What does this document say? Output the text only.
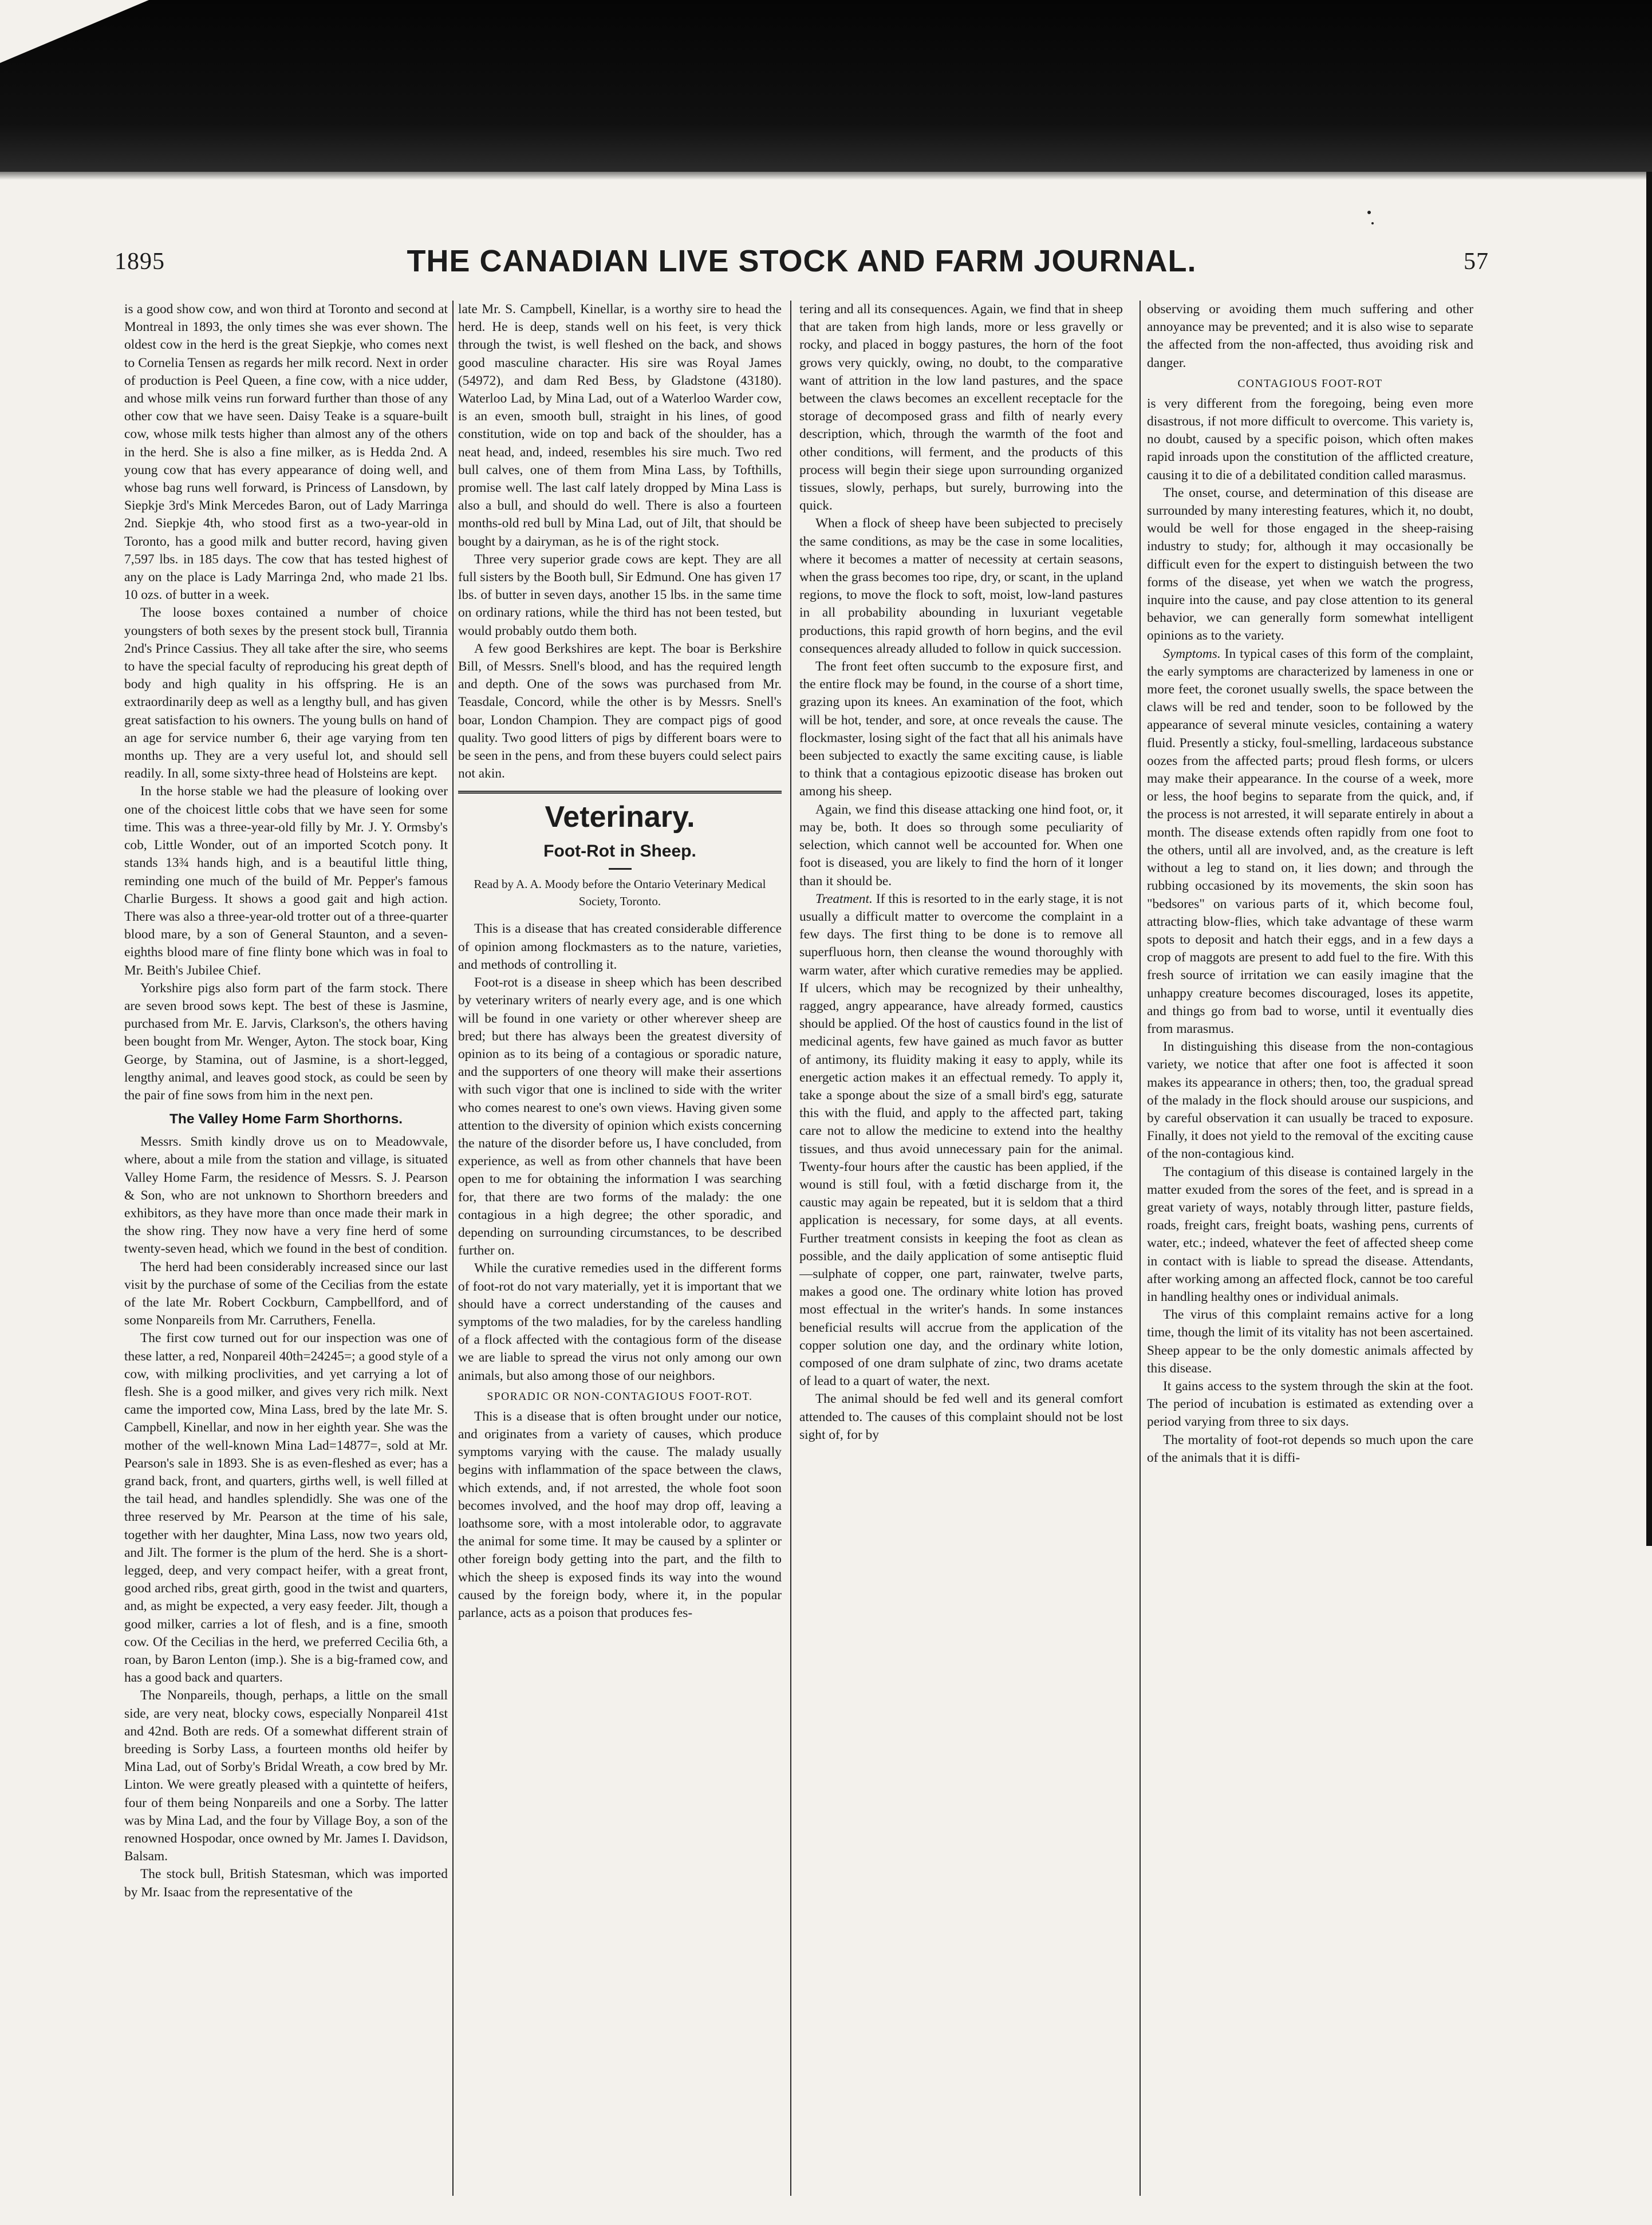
1895	THE CANADIAN LIVE STOCK AND FARM JOURNAL.	57

is a good show cow, and won third at Toronto and second at Montreal in 1893, the only times she was ever shown. The oldest cow in the herd is the great Siepkje, who comes next to Cornelia Tensen as regards her milk record. Next in order of production is Peel Queen, a fine cow, with a nice udder, and whose milk veins run forward further than those of any other cow that we have seen. Daisy Teake is a square-built cow, whose milk tests higher than almost any of the others in the herd. She is also a fine milker, as is Hedda 2nd. A young cow that has every appearance of doing well, and whose bag runs well forward, is Princess of Lansdown, by Siepkje 3rd's Mink Mercedes Baron, out of Lady Marringa 2nd. Siepkje 4th, who stood first as a two-year-old in Toronto, has a good milk and butter record, having given 7,597 lbs. in 185 days. The cow that has tested highest of any on the place is Lady Marringa 2nd, who made 21 lbs. 10 ozs. of butter in a week.

The loose boxes contained a number of choice youngsters of both sexes by the present stock bull, Tirannia 2nd's Prince Cassius. They all take after the sire, who seems to have the special faculty of reproducing his great depth of body and high quality in his offspring. He is an extraordinarily deep as well as a lengthy bull, and has given great satisfaction to his owners. The young bulls on hand of an age for service number 6, their age varying from ten months up. They are a very useful lot, and should sell readily. In all, some sixty-three head of Holsteins are kept.

In the horse stable we had the pleasure of looking over one of the choicest little cobs that we have seen for some time. This was a three-year-old filly by Mr. J. Y. Ormsby's cob, Little Wonder, out of an imported Scotch pony. It stands 13¾ hands high, and is a beautiful little thing, reminding one much of the build of Mr. Pepper's famous Charlie Burgess. It shows a good gait and high action. There was also a three-year-old trotter out of a three-quarter blood mare, by a son of General Staunton, and a seven-eighths blood mare of fine flinty bone which was in foal to Mr. Beith's Jubilee Chief.

Yorkshire pigs also form part of the farm stock. There are seven brood sows kept. The best of these is Jasmine, purchased from Mr. E. Jarvis, Clarkson's, the others having been bought from Mr. Wenger, Ayton. The stock boar, King George, by Stamina, out of Jasmine, is a short-legged, lengthy animal, and leaves good stock, as could be seen by the pair of fine sows from him in the next pen.

The Valley Home Farm Shorthorns.

Messrs. Smith kindly drove us on to Meadowvale, where, about a mile from the station and village, is situated Valley Home Farm, the residence of Messrs. S. J. Pearson & Son, who are not unknown to Shorthorn breeders and exhibitors, as they have more than once made their mark in the show ring. They now have a very fine herd of some twenty-seven head, which we found in the best of condition.

The herd had been considerably increased since our last visit by the purchase of some of the Cecilias from the estate of the late Mr. Robert Cockburn, Campbellford, and of some Nonpareils from Mr. Carruthers, Fenella.

The first cow turned out for our inspection was one of these latter, a red, Nonpareil 40th=24245=; a good style of a cow, with milking proclivities, and yet carrying a lot of flesh. She is a good milker, and gives very rich milk. Next came the imported cow, Mina Lass, bred by the late Mr. S. Campbell, Kinellar, and now in her eighth year. She was the mother of the well-known Mina Lad=14877=, sold at Mr. Pearson's sale in 1893. She is as even-fleshed as ever; has a grand back, front, and quarters, girths well, is well filled at the tail head, and handles splendidly. She was one of the three reserved by Mr. Pearson at the time of his sale, together with her daughter, Mina Lass, now two years old, and Jilt. The former is the plum of the herd. She is a short-legged, deep, and very compact heifer, with a great front, good arched ribs, great girth, good in the twist and quarters, and, as might be expected, a very easy feeder. Jilt, though a good milker, carries a lot of flesh, and is a fine, smooth cow. Of the Cecilias in the herd, we preferred Cecilia 6th, a roan, by Baron Lenton (imp.). She is a big-framed cow, and has a good back and quarters.

The Nonpareils, though, perhaps, a little on the small side, are very neat, blocky cows, especially Nonpareil 41st and 42nd. Both are reds. Of a somewhat different strain of breeding is Sorby Lass, a fourteen months old heifer by Mina Lad, out of Sorby's Bridal Wreath, a cow bred by Mr. Linton. We were greatly pleased with a quintette of heifers, four of them being Nonpareils and one a Sorby. The latter was by Mina Lad, and the four by Village Boy, a son of the renowned Hospodar, once owned by Mr. James I. Davidson, Balsam.

The stock bull, British Statesman, which was imported by Mr. Isaac from the representative of the

late Mr. S. Campbell, Kinellar, is a worthy sire to head the herd. He is deep, stands well on his feet, is very thick through the twist, is well fleshed on the back, and shows good masculine character. His sire was Royal James (54972), and dam Red Bess, by Gladstone (43180). Waterloo Lad, by Mina Lad, out of a Waterloo Warder cow, is an even, smooth bull, straight in his lines, of good constitution, wide on top and back of the shoulder, has a neat head, and, indeed, resembles his sire much. Two red bull calves, one of them from Mina Lass, by Tofthills, promise well. The last calf lately dropped by Mina Lass is also a bull, and should do well. There is also a fourteen months-old red bull by Mina Lad, out of Jilt, that should be bought by a dairyman, as he is of the right stock.

Three very superior grade cows are kept. They are all full sisters by the Booth bull, Sir Edmund. One has given 17 lbs. of butter in seven days, another 15 lbs. in the same time on ordinary rations, while the third has not been tested, but would probably outdo them both.

A few good Berkshires are kept. The boar is Berkshire Bill, of Messrs. Snell's blood, and has the required length and depth. One of the sows was purchased from Mr. Teasdale, Concord, while the other is by Messrs. Snell's boar, London Champion. They are compact pigs of good quality. Two good litters of pigs by different boars were to be seen in the pens, and from these buyers could select pairs not akin.

Veterinary.
Foot-Rot in Sheep.
Read by A. A. Moody before the Ontario Veterinary Medical Society, Toronto.

This is a disease that has created considerable difference of opinion among flockmasters as to the nature, varieties, and methods of controlling it.

Foot-rot is a disease in sheep which has been described by veterinary writers of nearly every age, and is one which will be found in one variety or other wherever sheep are bred; but there has always been the greatest diversity of opinion as to its being of a contagious or sporadic nature, and the supporters of one theory will make their assertions with such vigor that one is inclined to side with the writer who comes nearest to one's own views. Having given some attention to the diversity of opinion which exists concerning the nature of the disorder before us, I have concluded, from experience, as well as from other channels that have been open to me for obtaining the information I was searching for, that there are two forms of the malady: the one contagious in a high degree; the other sporadic, and depending on surrounding circumstances, to be described further on.

While the curative remedies used in the different forms of foot-rot do not vary materially, yet it is important that we should have a correct understanding of the causes and symptoms of the two maladies, for by the careless handling of a flock affected with the contagious form of the disease we are liable to spread the virus not only among our own animals, but also among those of our neighbors.

SPORADIC OR NON-CONTAGIOUS FOOT-ROT.

This is a disease that is often brought under our notice, and originates from a variety of causes, which produce symptoms varying with the cause. The malady usually begins with inflammation of the space between the claws, which extends, and, if not arrested, the whole foot soon becomes involved, and the hoof may drop off, leaving a loathsome sore, with a most intolerable odor, to aggravate the animal for some time. It may be caused by a splinter or other foreign body getting into the part, and the filth to which the sheep is exposed finds its way into the wound caused by the foreign body, where it, in the popular parlance, acts as a poison that produces fes-

tering and all its consequences. Again, we find that in sheep that are taken from high lands, more or less gravelly or rocky, and placed in boggy pastures, the horn of the foot grows very quickly, owing, no doubt, to the comparative want of attrition in the low land pastures, and the space between the claws becomes an excellent receptacle for the storage of decomposed grass and filth of nearly every description, which, through the warmth of the foot and other conditions, will ferment, and the products of this process will begin their siege upon surrounding organized tissues, slowly, perhaps, but surely, burrowing into the quick.

When a flock of sheep have been subjected to precisely the same conditions, as may be the case in some localities, where it becomes a matter of necessity at certain seasons, when the grass becomes too ripe, dry, or scant, in the upland regions, to move the flock to soft, moist, low-land pastures in all probability abounding in luxuriant vegetable productions, this rapid growth of horn begins, and the evil consequences already alluded to follow in quick succession.

The front feet often succumb to the exposure first, and the entire flock may be found, in the course of a short time, grazing upon its knees. An examination of the foot, which will be hot, tender, and sore, at once reveals the cause. The flockmaster, losing sight of the fact that all his animals have been subjected to exactly the same exciting cause, is liable to think that a contagious epizootic disease has broken out among his sheep.

Again, we find this disease attacking one hind foot, or, it may be, both. It does so through some peculiarity of selection, which cannot well be accounted for. When one foot is diseased, you are likely to find the horn of it longer than it should be.

Treatment. If this is resorted to in the early stage, it is not usually a difficult matter to overcome the complaint in a few days. The first thing to be done is to remove all superfluous horn, then cleanse the wound thoroughly with warm water, after which curative remedies may be applied. If ulcers, which may be recognized by their unhealthy, ragged, angry appearance, have already formed, caustics should be applied. Of the host of caustics found in the list of medicinal agents, few have gained as much favor as butter of antimony, its fluidity making it easy to apply, while its energetic action makes it an effectual remedy. To apply it, take a sponge about the size of a small bird's egg, saturate this with the fluid, and apply to the affected part, taking care not to allow the medicine to extend into the healthy tissues, and thus avoid unnecessary pain for the animal. Twenty-four hours after the caustic has been applied, if the wound is still foul, with a fœtid discharge from it, the caustic may again be repeated, but it is seldom that a third application is necessary, for some days, at all events. Further treatment consists in keeping the foot as clean as possible, and the daily application of some antiseptic fluid—sulphate of copper, one part, rainwater, twelve parts, makes a good one. The ordinary white lotion has proved most effectual in the writer's hands. In some instances beneficial results will accrue from the application of the copper solution one day, and the ordinary white lotion, composed of one dram sulphate of zinc, two drams acetate of lead to a quart of water, the next.

The animal should be fed well and its general comfort attended to. The causes of this complaint should not be lost sight of, for by

observing or avoiding them much suffering and other annoyance may be prevented; and it is also wise to separate the affected from the non-affected, thus avoiding risk and danger.

CONTAGIOUS FOOT-ROT

is very different from the foregoing, being even more disastrous, if not more difficult to overcome. This variety is, no doubt, caused by a specific poison, which often makes rapid inroads upon the constitution of the afflicted creature, causing it to die of a debilitated condition called marasmus.

The onset, course, and determination of this disease are surrounded by many interesting features, which it, no doubt, would be well for those engaged in the sheep-raising industry to study; for, although it may occasionally be difficult even for the expert to distinguish between the two forms of the disease, yet when we watch the progress, inquire into the cause, and pay close attention to its general behavior, we can generally form somewhat intelligent opinions as to the variety.

Symptoms. In typical cases of this form of the complaint, the early symptoms are characterized by lameness in one or more feet, the coronet usually swells, the space between the claws will be red and tender, soon to be followed by the appearance of several minute vesicles, containing a watery fluid. Presently a sticky, foul-smelling, lardaceous substance oozes from the affected parts; proud flesh forms, or ulcers may make their appearance. In the course of a week, more or less, the hoof begins to separate from the quick, and, if the process is not arrested, it will separate entirely in about a month. The disease extends often rapidly from one foot to the others, until all are involved, and, as the creature is left without a leg to stand on, it lies down; and through the rubbing occasioned by its movements, the skin soon has "bedsores" on various parts of it, which become foul, attracting blow-flies, which take advantage of these warm spots to deposit and hatch their eggs, and in a few days a crop of maggots are present to add fuel to the fire. With this fresh source of irritation we can easily imagine that the unhappy creature becomes discouraged, loses its appetite, and things go from bad to worse, until it eventually dies from marasmus.

In distinguishing this disease from the non-contagious variety, we notice that after one foot is affected it soon makes its appearance in others; then, too, the gradual spread of the malady in the flock should arouse our suspicions, and by careful observation it can usually be traced to exposure. Finally, it does not yield to the removal of the exciting cause of the non-contagious kind.

The contagium of this disease is contained largely in the matter exuded from the sores of the feet, and is spread in a great variety of ways, notably through litter, pasture fields, roads, freight cars, freight boats, washing pens, currents of water, etc.; indeed, whatever the feet of affected sheep come in contact with is liable to spread the disease. Attendants, after working among an affected flock, cannot be too careful in handling healthy ones or individual animals.

The virus of this complaint remains active for a long time, though the limit of its vitality has not been ascertained. Sheep appear to be the only domestic animals affected by this disease.

It gains access to the system through the skin at the foot. The period of incubation is estimated as extending over a period varying from three to six days.

The mortality of foot-rot depends so much upon the care of the animals that it is diffi-
